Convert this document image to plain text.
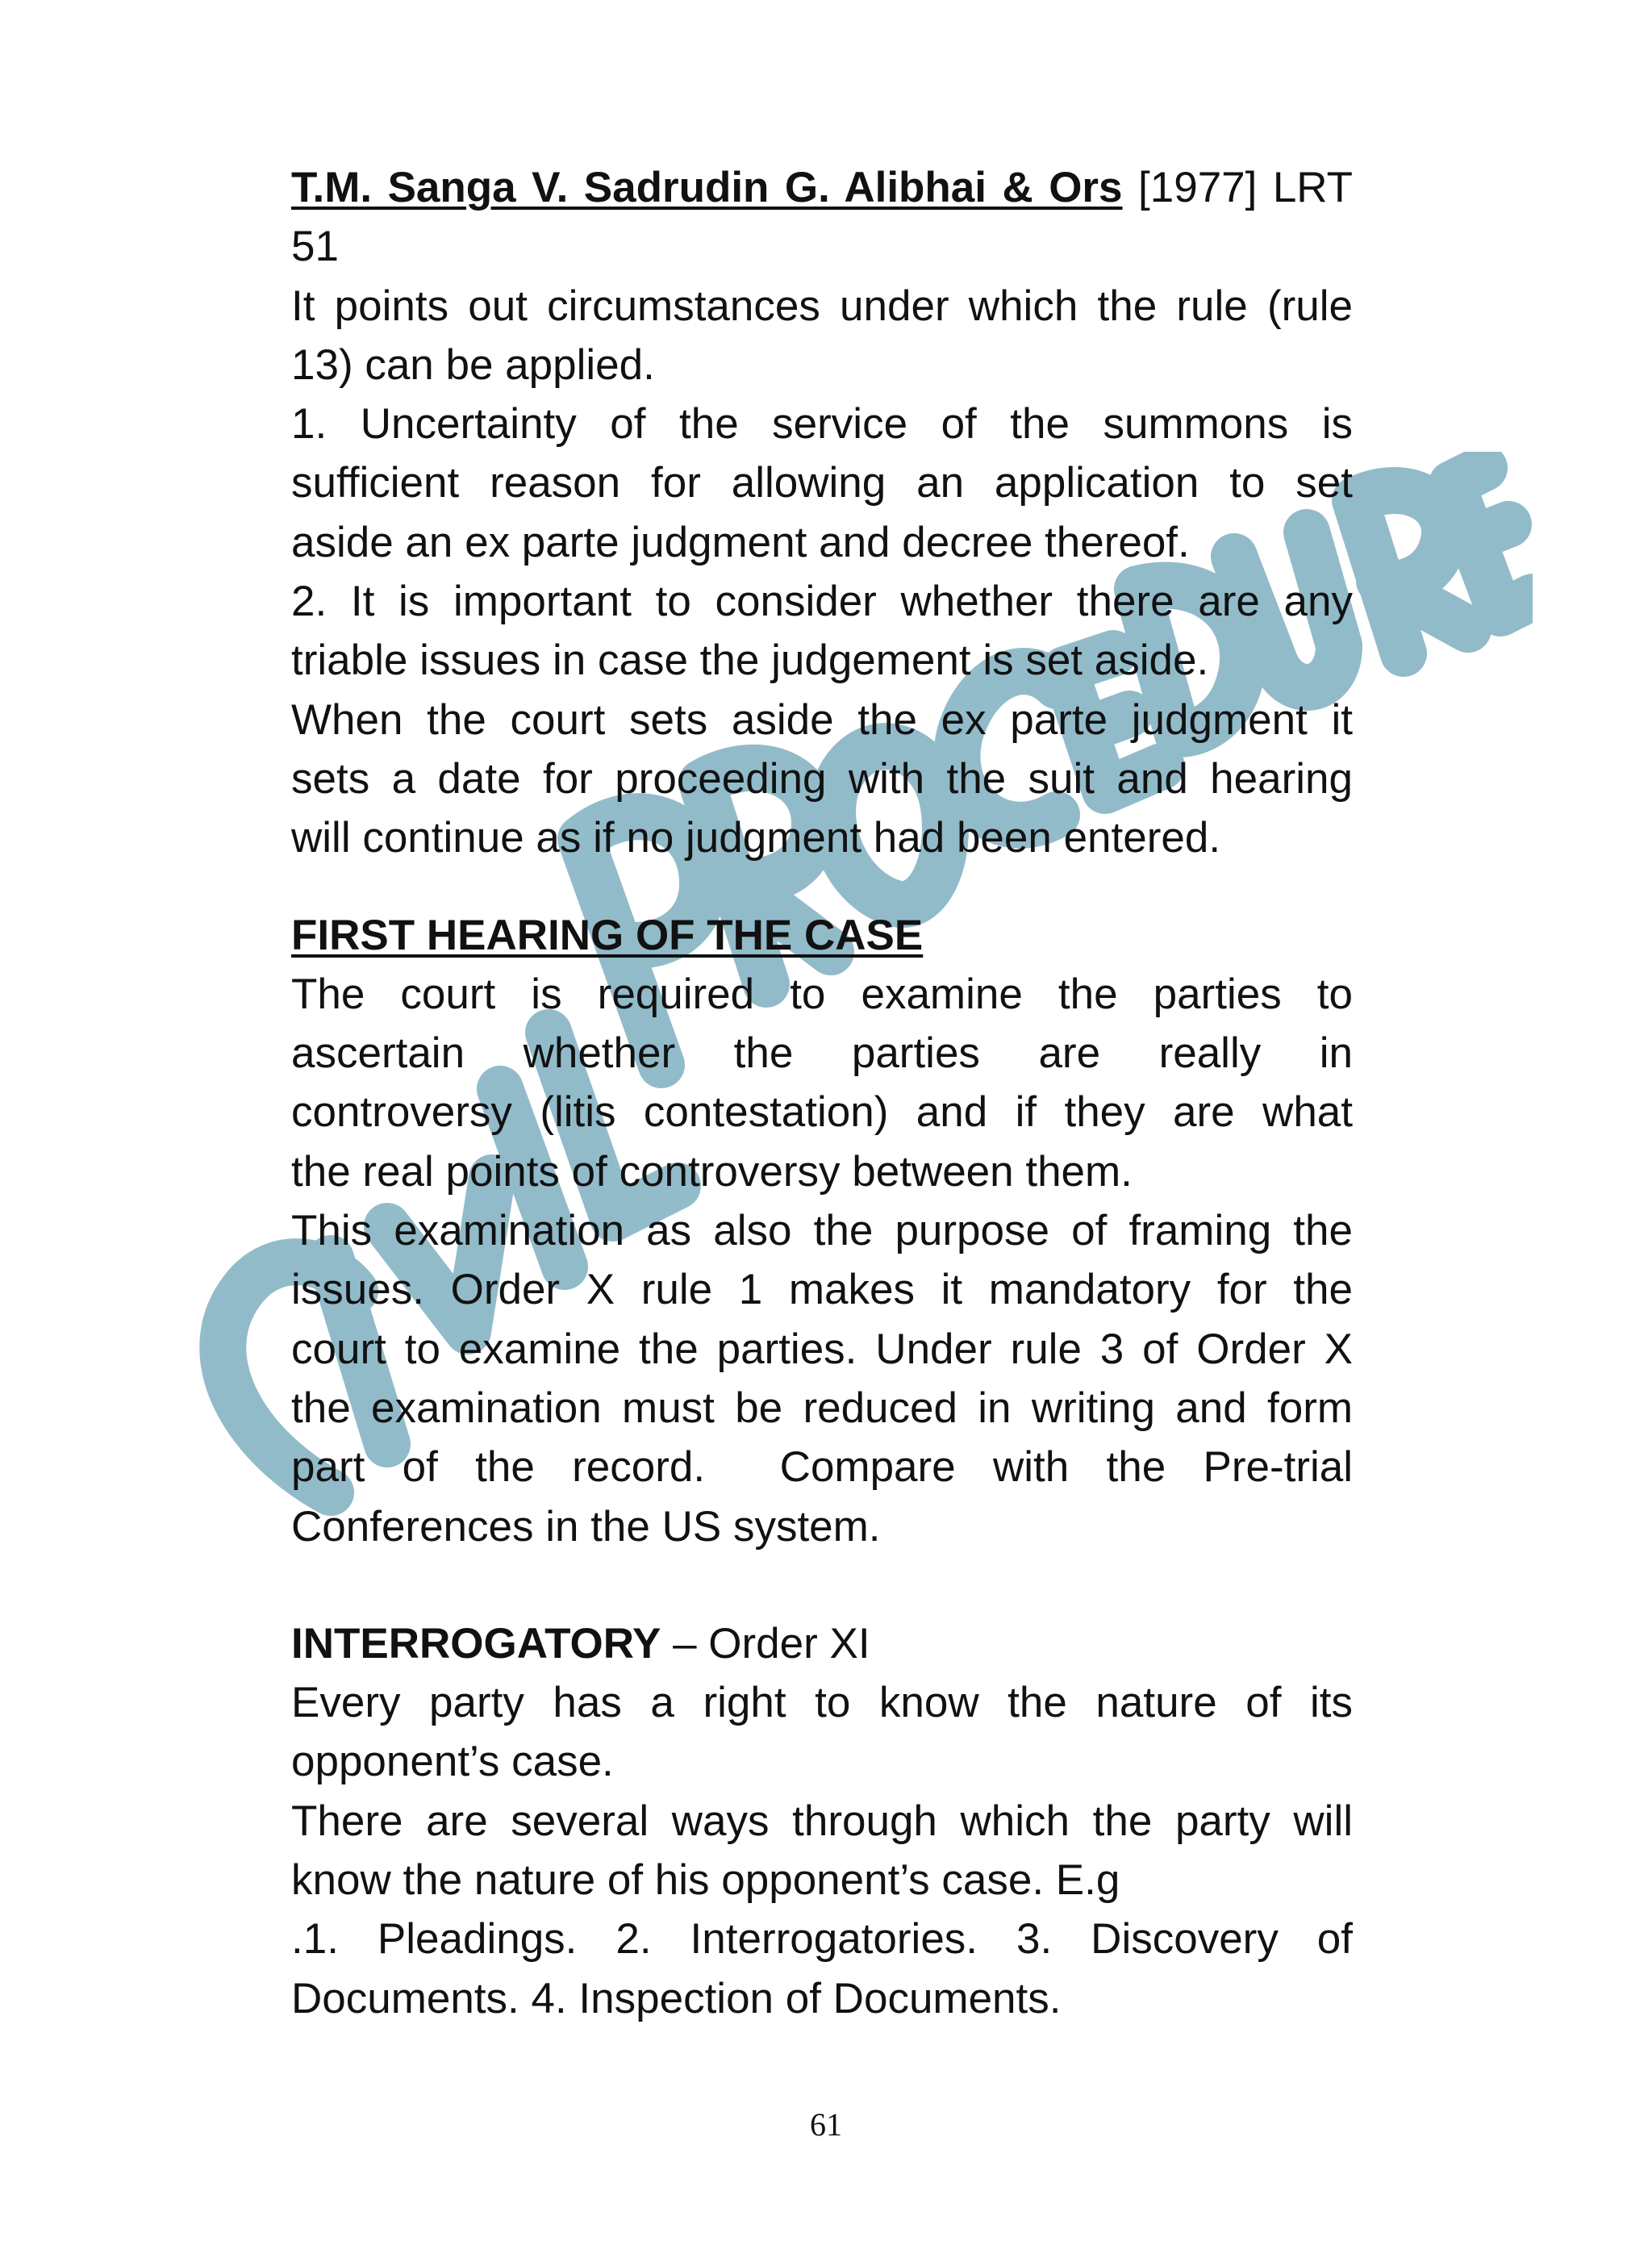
T.M. Sanga V. Sadrudin G. Alibhai & Ors [1977] LRT
51
It points out circumstances under which the rule (rule
13) can be applied.
1. Uncertainty of the service of the summons is
sufficient reason for allowing an application to set
aside an ex parte judgment and decree thereof.
2. It is important to consider whether there are any
triable issues in case the judgement is set aside.
When the court sets aside the ex parte judgment it
sets a date for proceeding with the suit and hearing
will continue as if no judgment had been entered.
FIRST HEARING OF THE CASE
The court is required to examine the parties to
ascertain whether the parties are really in
controversy (litis contestation) and if they are what
the real points of controversy between them.
This examination as also the purpose of framing the
issues. Order X rule 1 makes it mandatory for the
court to examine the parties. Under rule 3 of Order X
the examination must be reduced in writing and form
part of the record.  Compare with the Pre-trial
Conferences in the US system.
INTERROGATORY – Order XI
Every party has a right to know the nature of its
opponent’s case.
There are several ways through which the party will
know the nature of his opponent’s case. E.g
.1. Pleadings. 2. Interrogatories. 3. Discovery of
Documents. 4. Inspection of Documents.
61
